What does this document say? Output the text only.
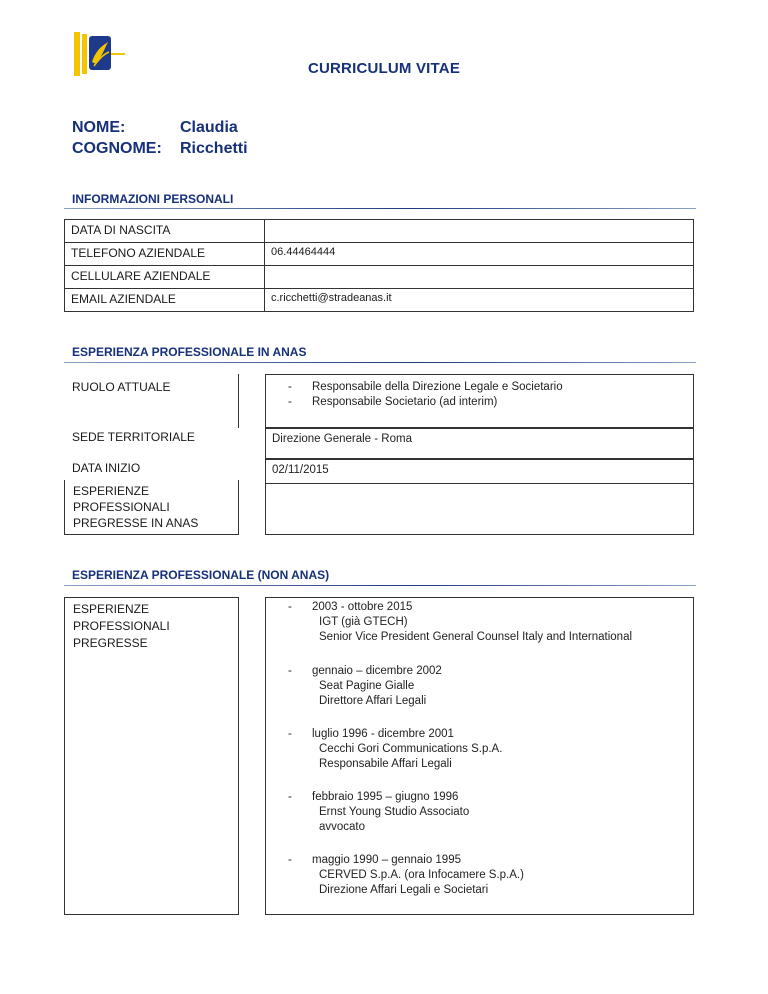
CURRICULUM VITAE
NOME:	Claudia
COGNOME:	Ricchetti
INFORMAZIONI PERSONALI
DATA DI NASCITA
TELEFONO AZIENDALE	06.44464444
CELLULARE AZIENDALE
EMAIL AZIENDALE	c.ricchetti@stradeanas.it
ESPERIENZA PROFESSIONALE IN ANAS
RUOLO ATTUALE	-	Responsabile della Direzione Legale e Societario
-	Responsabile Societario (ad interim)
SEDE TERRITORIALE	Direzione Generale - Roma
DATA INIZIO	02/11/2015
ESPERIENZE PROFESSIONALI PREGRESSE IN ANAS
ESPERIENZA PROFESSIONALE (NON ANAS)
ESPERIENZE PROFESSIONALI PREGRESSE
-	2003 - ottobre 2015
IGT (già GTECH)
Senior Vice President General Counsel Italy and International
-	gennaio – dicembre 2002
Seat Pagine Gialle
Direttore Affari Legali
-	luglio 1996 - dicembre 2001
Cecchi Gori Communications S.p.A.
Responsabile Affari Legali
-	febbraio 1995 – giugno 1996
Ernst Young Studio Associato
avvocato
-	maggio 1990 – gennaio 1995
CERVED S.p.A. (ora Infocamere S.p.A.)
Direzione Affari Legali e Societari
